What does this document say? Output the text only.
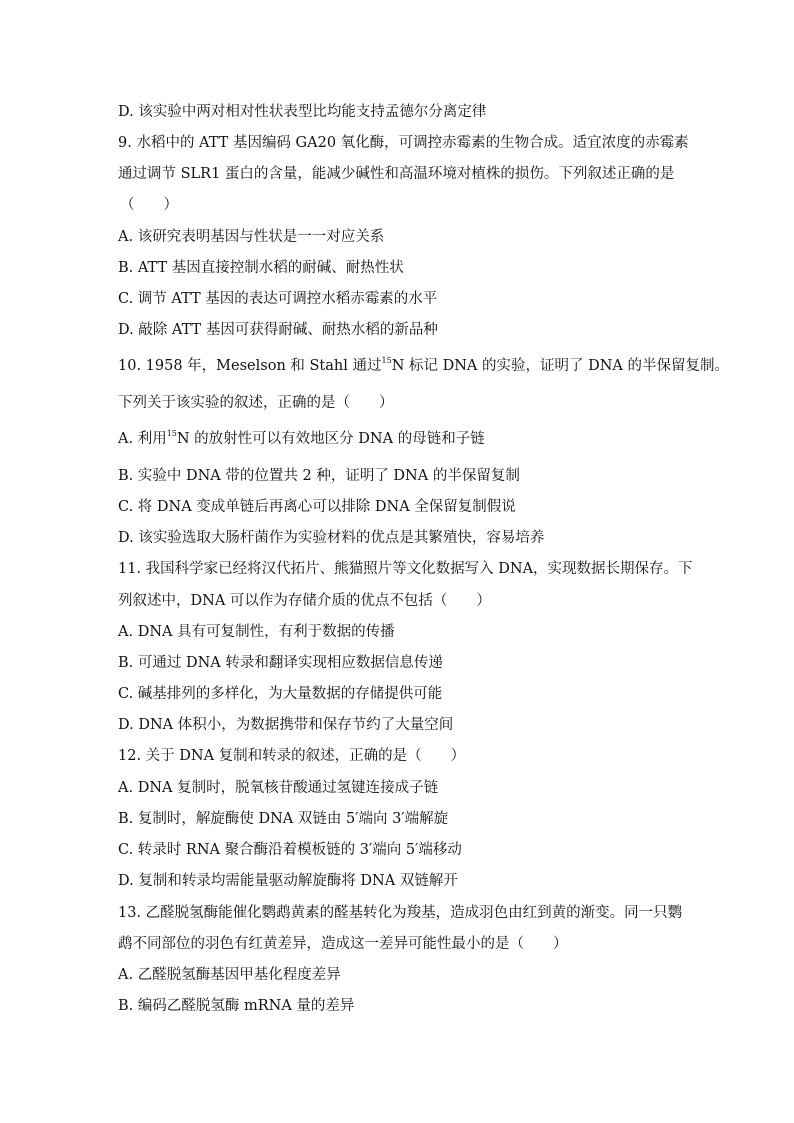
D. 该实验中两对相对性状表型比均能支持孟德尔分离定律
9. 水稻中的 ATT 基因编码 GA20 氧化酶，可调控赤霉素的生物合成。适宜浓度的赤霉素
通过调节 SLR1 蛋白的含量，能减少碱性和高温环境对植株的损伤。下列叙述正确的是
（　　）
A. 该研究表明基因与性状是一一对应关系
B. ATT 基因直接控制水稻的耐碱、耐热性状
C. 调节 ATT 基因的表达可调控水稻赤霉素的水平
D. 敲除 ATT 基因可获得耐碱、耐热水稻的新品种
10. 1958 年，Meselson 和 Stahl 通过$^{15}$N 标记 DNA 的实验，证明了 DNA 的半保留复制。
下列关于该实验的叙述，正确的是（　　）
A. 利用$^{15}$N 的放射性可以有效地区分 DNA 的母链和子链
B. 实验中 DNA 带的位置共 2 种，证明了 DNA 的半保留复制
C. 将 DNA 变成单链后再离心可以排除 DNA 全保留复制假说
D. 该实验选取大肠杆菌作为实验材料的优点是其繁殖快，容易培养
11. 我国科学家已经将汉代拓片、熊猫照片等文化数据写入 DNA，实现数据长期保存。下
列叙述中，DNA 可以作为存储介质的优点不包括（　　）
A. DNA 具有可复制性，有利于数据的传播
B. 可通过 DNA 转录和翻译实现相应数据信息传递
C. 碱基排列的多样化，为大量数据的存储提供可能
D. DNA 体积小，为数据携带和保存节约了大量空间
12. 关于 DNA 复制和转录的叙述，正确的是（　　）
A. DNA 复制时，脱氧核苷酸通过氢键连接成子链
B. 复制时，解旋酶使 DNA 双链由 5′端向 3′端解旋
C. 转录时 RNA 聚合酶沿着模板链的 3′端向 5′端移动
D. 复制和转录均需能量驱动解旋酶将 DNA 双链解开
13. 乙醛脱氢酶能催化鹦鹉黄素的醛基转化为羧基，造成羽色由红到黄的渐变。同一只鹦
鹉不同部位的羽色有红黄差异，造成这一差异可能性最小的是（　　）
A. 乙醛脱氢酶基因甲基化程度差异
B. 编码乙醛脱氢酶 mRNA 量的差异
